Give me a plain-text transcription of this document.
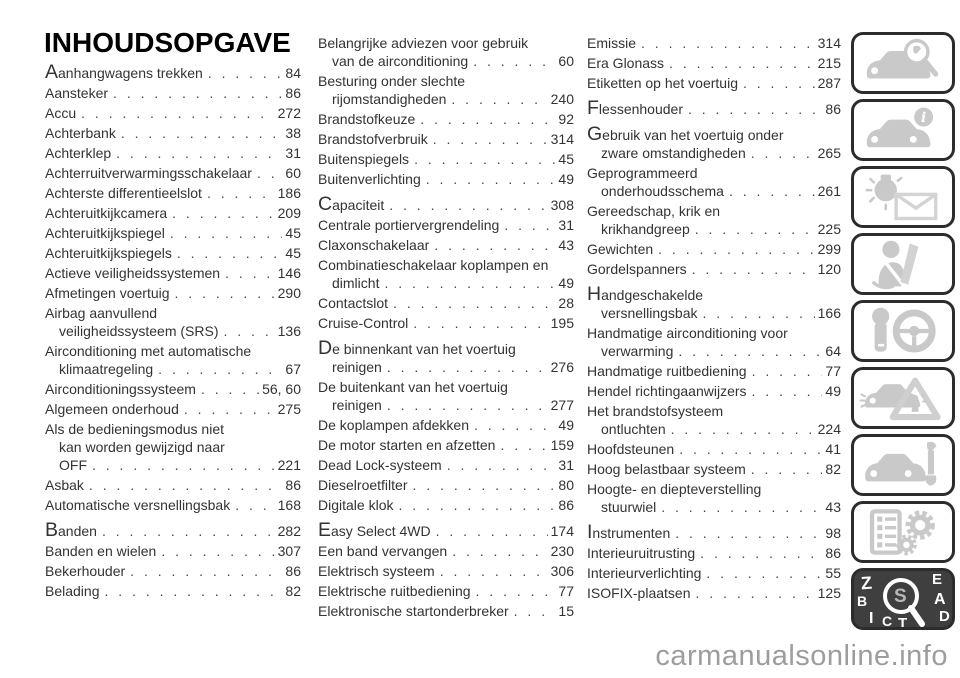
INHOUDSOPGAVE
Aanhangwagens trekken . . .	84
Aansteker . . .	86
Accu . . .	272
Achterbank . . .	38
Achterklep . . .	31
Achterruitverwarmingsschakelaar . . . 60
Achterste differentieelslot . . .	186
Achteruitkijkcamera . . .	209
Achteruitkijkspiegel . . .	45
Achteruitkijkspiegels . . .	45
Actieve veiligheidssystemen . . .	146
Afmetingen voertuig . . .	290
Airbag aanvullend
veiligheidssysteem (SRS) . . .	136
Airconditioning met automatische
klimaatregeling . . .	67
Airconditioningssysteem . . .	56, 60
Algemeen onderhoud . . .	275
Als de bedieningsmodus niet
kan worden gewijzigd naar
OFF . . .	221
Asbak . . .	86
Automatische versnellingsbak . . .	168
Banden . . .	282
Banden en wielen . . .	307
Bekerhouder . . .	86
Belading . . .	82
Belangrijke adviezen voor gebruik
van de airconditioning . . .	60
Besturing onder slechte
rijomstandigheden . . .	240
Brandstofkeuze . . .	92
Brandstofverbruik . . .	314
Buitenspiegels . . .	45
Buitenverlichting . . .	49
Capaciteit . . .	308
Centrale portiervergrendeling . . .	31
Claxonschakelaar . . .	43
Combinatieschakelaar koplampen en
dimlicht . . .	49
Contactslot . . .	28
Cruise-Control . . .	195
De binnenkant van het voertuig
reinigen . . .	276
De buitenkant van het voertuig
reinigen . . .	277
De koplampen afdekken . . .	49
De motor starten en afzetten . . .	159
Dead Lock-systeem . . .	31
Dieselroetfilter . . .	80
Digitale klok . . .	86
Easy Select 4WD . . .	174
Een band vervangen . . .	230
Elektrisch systeem . . .	306
Elektrische ruitbediening . . .	77
Elektronische startonderbreker . . .	15
Emissie . . .	314
Era Glonass . . .	215
Etiketten op het voertuig . . .	287
Flessenhouder . . .	86
Gebruik van het voertuig onder
zware omstandigheden . . .	265
Geprogrammeerd
onderhoudsschema . . .	261
Gereedschap, krik en
krikhandgreep . . .	225
Gewichten . . .	299
Gordelspanners . . .	120
Handgeschakelde
versnellingsbak . . .	166
Handmatige airconditioning voor
verwarming . . .	64
Handmatige ruitbediening . . .	77
Hendel richtingaanwijzers . . .	49
Het brandstofsysteem
ontluchten . . .	224
Hoofdsteunen . . .	41
Hoog belastbaar systeem . . .	82
Hoogte- en diepteverstelling
stuurwiel . . .	43
Instrumenten . . .	98
Interieuruitrusting . . .	86
Interieurverlichting . . .	55
ISOFIX-plaatsen . . .	125
i
S
Z	E
B	A
D
I C T
carmanualsonline.info
